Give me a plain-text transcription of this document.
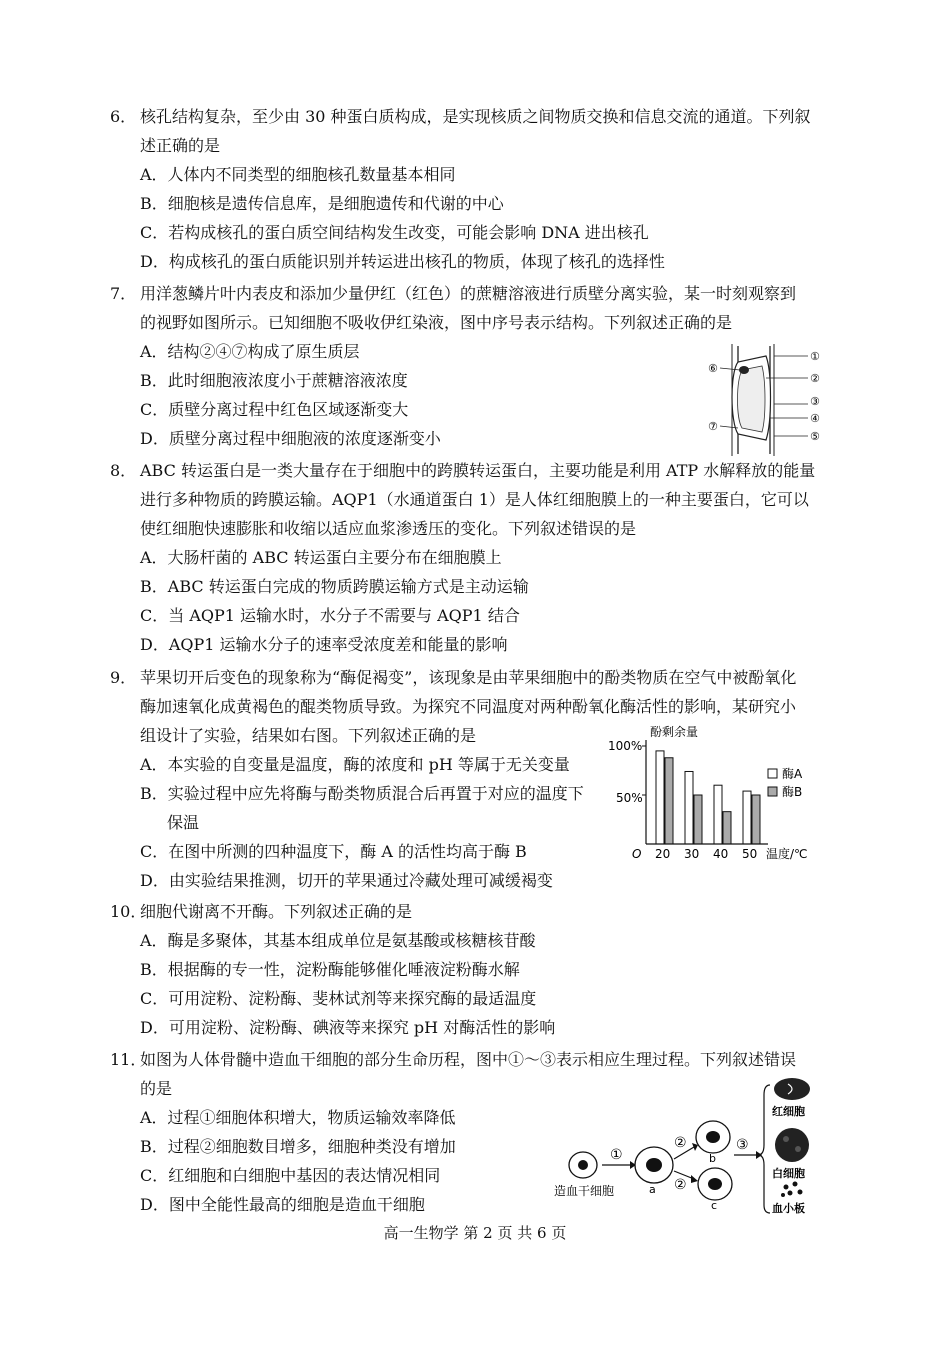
6． 核孔结构复杂，至少由 30 种蛋白质构成，是实现核质之间物质交换和信息交流的通道。下列叙
述正确的是
A．人体内不同类型的细胞核孔数量基本相同
B．细胞核是遗传信息库，是细胞遗传和代谢的中心
C．若构成核孔的蛋白质空间结构发生改变，可能会影响 DNA 进出核孔
D．构成核孔的蛋白质能识别并转运进出核孔的物质，体现了核孔的选择性
7． 用洋葱鳞片叶内表皮和添加少量伊红（红色）的蔗糖溶液进行质壁分离实验，某一时刻观察到
的视野如图所示。已知细胞不吸收伊红染液，图中序号表示结构。下列叙述正确的是
A．结构②④⑦构成了原生质层
B．此时细胞液浓度小于蔗糖溶液浓度
C．质壁分离过程中红色区域逐渐变大
D．质壁分离过程中细胞液的浓度逐渐变小
①
②
③
④
⑤
⑥
⑦
8． ABC 转运蛋白是一类大量存在于细胞中的跨膜转运蛋白，主要功能是利用 ATP 水解释放的能量
进行多种物质的跨膜运输。AQP1（水通道蛋白 1）是人体红细胞膜上的一种主要蛋白，它可以
使红细胞快速膨胀和收缩以适应血浆渗透压的变化。下列叙述错误的是
A．大肠杆菌的 ABC 转运蛋白主要分布在细胞膜上
B．ABC 转运蛋白完成的物质跨膜运输方式是主动运输
C．当 AQP1 运输水时，水分子不需要与 AQP1 结合
D．AQP1 运输水分子的速率受浓度差和能量的影响
9． 苹果切开后变色的现象称为“酶促褐变”，该现象是由苹果细胞中的酚类物质在空气中被酚氧化
酶加速氧化成黄褐色的醌类物质导致。为探究不同温度对两种酚氧化酶活性的影响，某研究小
组设计了实验，结果如右图。下列叙述正确的是
A．本实验的自变量是温度，酶的浓度和 pH 等属于无关变量
B．实验过程中应先将酶与酚类物质混合后再置于对应的温度下
保温
C．在图中所测的四种温度下，酶 A 的活性均高于酶 B
D．由实验结果推测，切开的苹果通过冷藏处理可减缓褐变
酚剩余量
100%
50%
O	温度/℃
20 30 40 50
酶A
酶B
10．细胞代谢离不开酶。下列叙述正确的是
A．酶是多聚体，其基本组成单位是氨基酸或核糖核苷酸
B．根据酶的专一性，淀粉酶能够催化唾液淀粉酶水解
C．可用淀粉、淀粉酶、斐林试剂等来探究酶的最适温度
D．可用淀粉、淀粉酶、碘液等来探究 pH 对酶活性的影响
11．如图为人体骨髓中造血干细胞的部分生命历程，图中①～③表示相应生理过程。下列叙述错误
的是
A．过程①细胞体积增大，物质运输效率降低
B．过程②细胞数目增多，细胞种类没有增加
C．红细胞和白细胞中基因的表达情况相同
D．图中全能性最高的细胞是造血干细胞
造血干细胞
①
a
②
②
b
c
③
红细胞
白细胞
血小板
高一生物学 第 2 页 共 6 页
